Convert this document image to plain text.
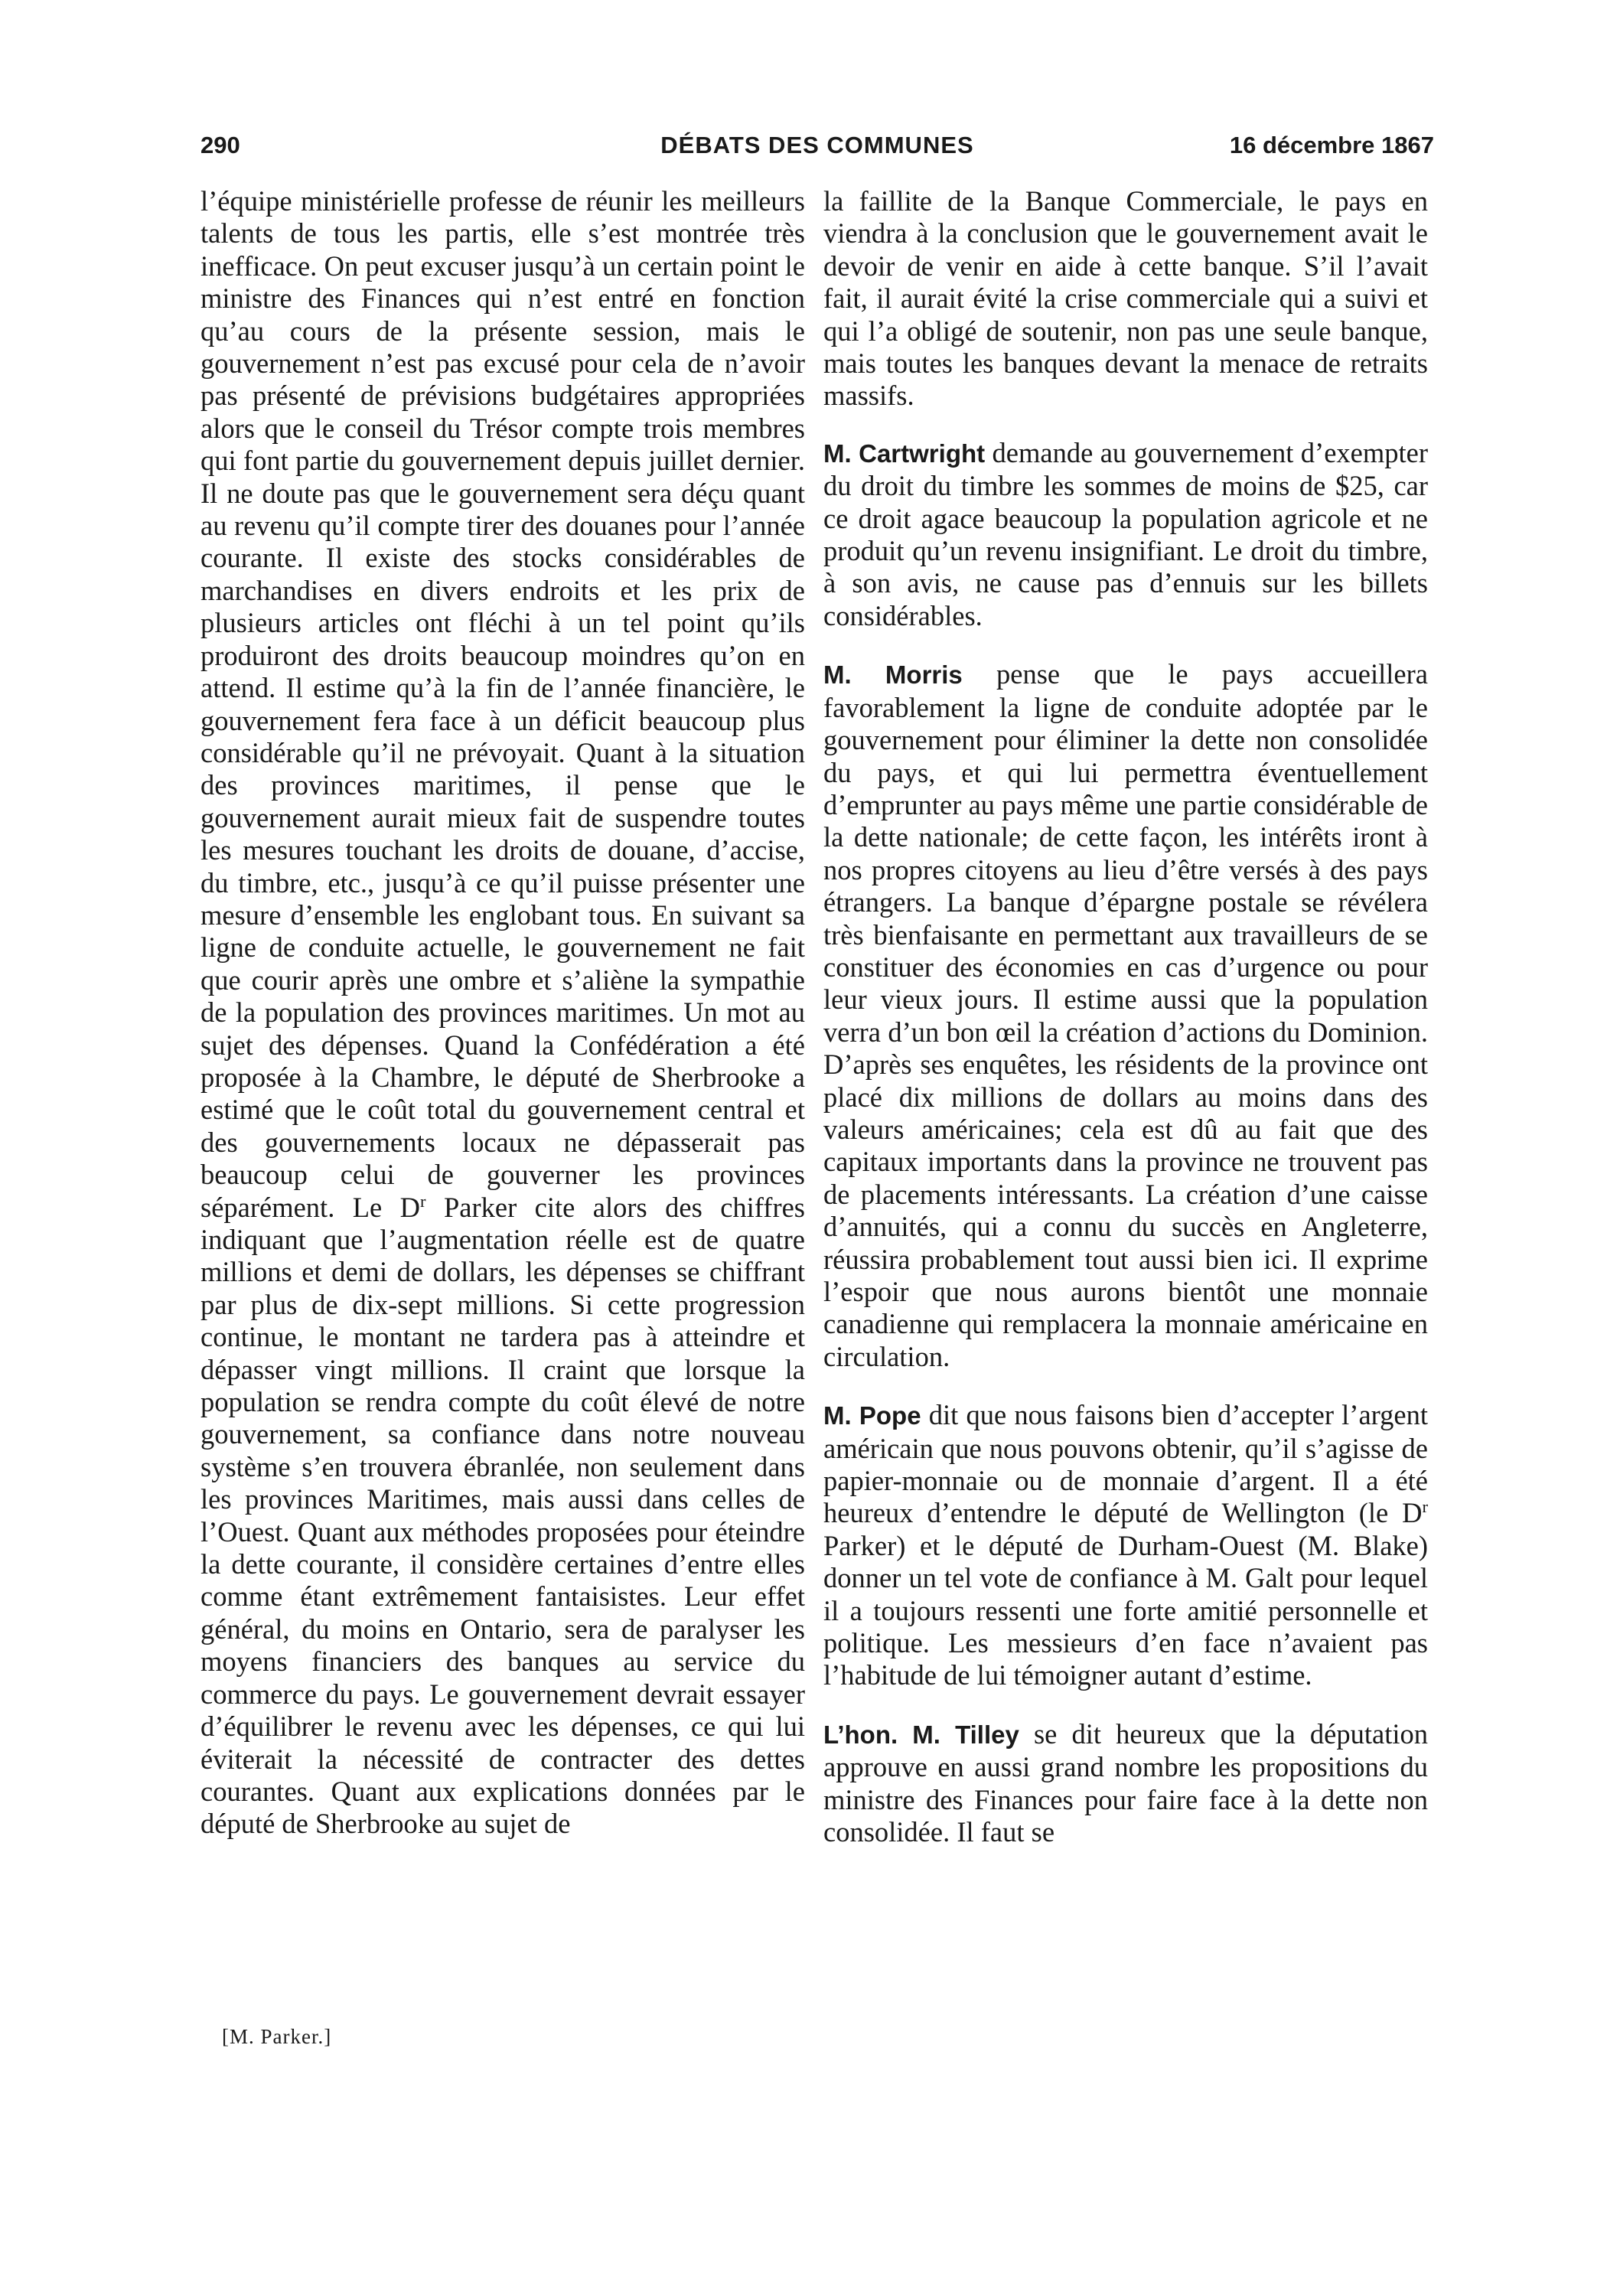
290	DÉBATS DES COMMUNES	16 décembre 1867

l’équipe ministérielle professe de réunir les meilleurs talents de tous les partis, elle s’est montrée très inefficace. On peut excuser jusqu’à un certain point le ministre des Finances qui n’est entré en fonction qu’au cours de la présente session, mais le gouvernement n’est pas excusé pour cela de n’avoir pas présenté de prévisions budgétaires appropriées alors que le conseil du Trésor compte trois membres qui font partie du gouvernement depuis juillet dernier. Il ne doute pas que le gouvernement sera déçu quant au revenu qu’il compte tirer des douanes pour l’année courante. Il existe des stocks considérables de marchandises en divers endroits et les prix de plusieurs articles ont fléchi à un tel point qu’ils produiront des droits beaucoup moindres qu’on en attend. Il estime qu’à la fin de l’année financière, le gouvernement fera face à un déficit beaucoup plus considérable qu’il ne prévoyait. Quant à la situation des provinces maritimes, il pense que le gouvernement aurait mieux fait de suspendre toutes les mesures touchant les droits de douane, d’accise, du timbre, etc., jusqu’à ce qu’il puisse présenter une mesure d’ensemble les englobant tous. En suivant sa ligne de conduite actuelle, le gouvernement ne fait que courir après une ombre et s’aliène la sympathie de la population des provinces maritimes. Un mot au sujet des dépenses. Quand la Confédération a été proposée à la Chambre, le député de Sherbrooke a estimé que le coût total du gouvernement central et des gouvernements locaux ne dépasserait pas beaucoup celui de gouverner les provinces séparément. Le $D^r$ Parker cite alors des chiffres indiquant que l’augmentation réelle est de quatre millions et demi de dollars, les dépenses se chiffrant par plus de dix-sept millions. Si cette progression continue, le montant ne tardera pas à atteindre et dépasser vingt millions. Il craint que lorsque la population se rendra compte du coût élevé de notre gouvernement, sa confiance dans notre nouveau système s’en trouvera ébranlée, non seulement dans les provinces Maritimes, mais aussi dans celles de l’Ouest. Quant aux méthodes proposées pour éteindre la dette courante, il considère certaines d’entre elles comme étant extrêmement fantaisistes. Leur effet général, du moins en Ontario, sera de paralyser les moyens financiers des banques au service du commerce du pays. Le gouvernement devrait essayer d’équilibrer le revenu avec les dépenses, ce qui lui éviterait la nécessité de contracter des dettes courantes. Quant aux explications données par le député de Sherbrooke au sujet de

[M. Parker.]

la faillite de la Banque Commerciale, le pays en viendra à la conclusion que le gouvernement avait le devoir de venir en aide à cette banque. S’il l’avait fait, il aurait évité la crise commerciale qui a suivi et qui l’a obligé de soutenir, non pas une seule banque, mais toutes les banques devant la menace de retraits massifs.

M. Cartwright demande au gouvernement d’exempter du droit du timbre les sommes de moins de $25, car ce droit agace beaucoup la population agricole et ne produit qu’un revenu insignifiant. Le droit du timbre, à son avis, ne cause pas d’ennuis sur les billets considérables.

M. Morris pense que le pays accueillera favorablement la ligne de conduite adoptée par le gouvernement pour éliminer la dette non consolidée du pays, et qui lui permettra éventuellement d’emprunter au pays même une partie considérable de la dette nationale; de cette façon, les intérêts iront à nos propres citoyens au lieu d’être versés à des pays étrangers. La banque d’épargne postale se révélera très bienfaisante en permettant aux travailleurs de se constituer des économies en cas d’urgence ou pour leur vieux jours. Il estime aussi que la population verra d’un bon œil la création d’actions du Dominion. D’après ses enquêtes, les résidents de la province ont placé dix millions de dollars au moins dans des valeurs américaines; cela est dû au fait que des capitaux importants dans la province ne trouvent pas de placements intéressants. La création d’une caisse d’annuités, qui a connu du succès en Angleterre, réussira probablement tout aussi bien ici. Il exprime l’espoir que nous aurons bientôt une monnaie canadienne qui remplacera la monnaie américaine en circulation.

M. Pope dit que nous faisons bien d’accepter l’argent américain que nous pouvons obtenir, qu’il s’agisse de papier-monnaie ou de monnaie d’argent. Il a été heureux d’entendre le député de Wellington (le $D^r$ Parker) et le député de Durham-Ouest (M. Blake) donner un tel vote de confiance à M. Galt pour lequel il a toujours ressenti une forte amitié personnelle et politique. Les messieurs d’en face n’avaient pas l’habitude de lui témoigner autant d’estime.

L’hon. M. Tilley se dit heureux que la députation approuve en aussi grand nombre les propositions du ministre des Finances pour faire face à la dette non consolidée. Il faut se
